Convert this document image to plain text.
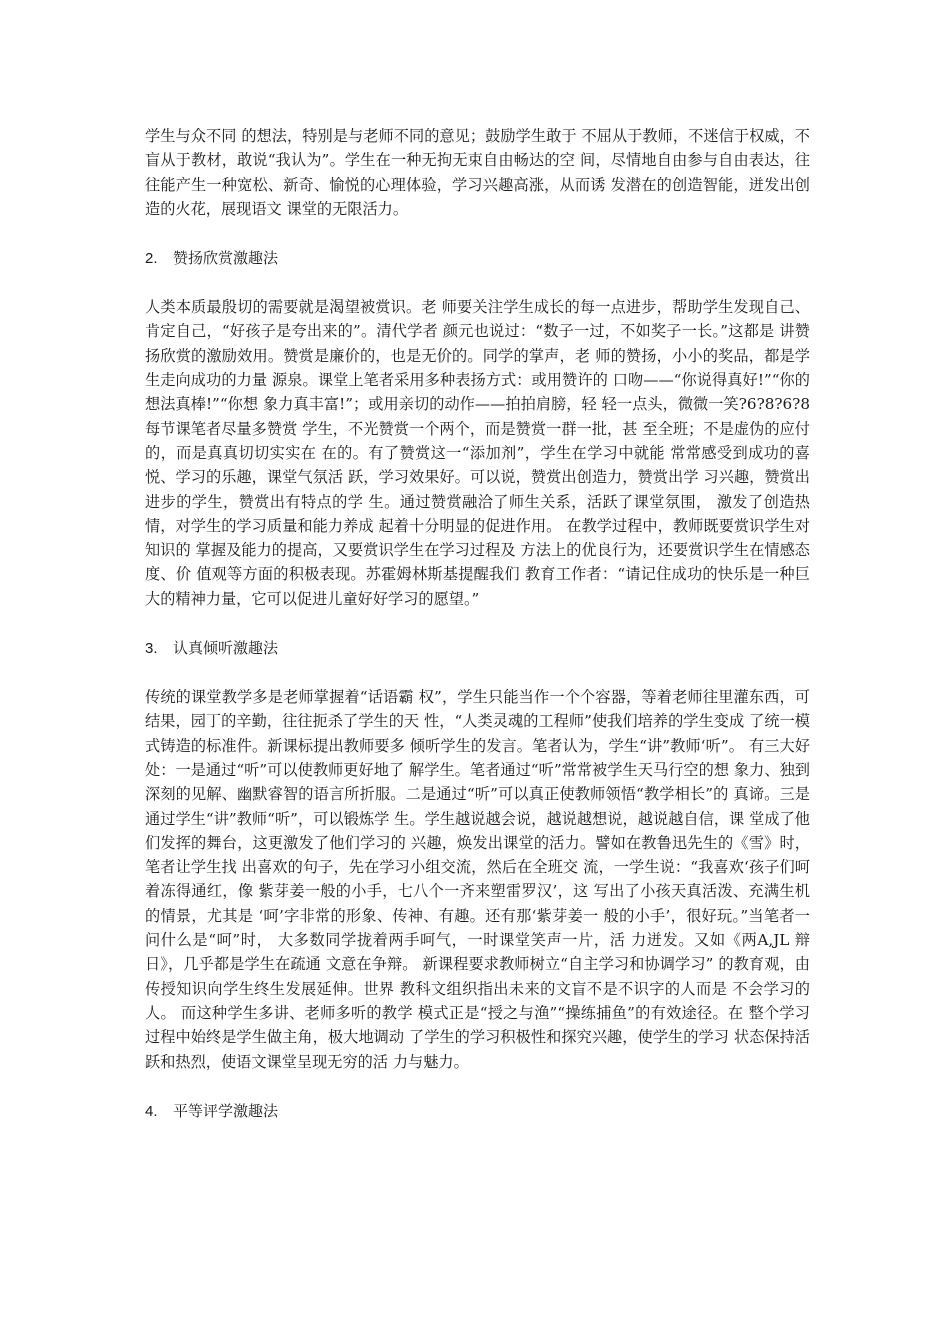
学生与众不同 的想法，特别是与老师不同的意见；鼓励学生敢于 不屈从于教师，不迷信于权威，不盲从于教材，敢说“我认为”。学生在一种无拘无束自由畅达的空 间，尽情地自由参与自由表达，往往能产生一种宽松、新奇、愉悦的心理体验，学习兴趣高涨，从而诱 发潜在的创造智能，迸发出创造的火花，展现语文 课堂的无限活力。

2. 赞扬欣赏激趣法

人类本质最殷切的需要就是渴望被赏识。老 师要关注学生成长的每一点进步，帮助学生发现自己、肯定自己，“好孩子是夸出来的”。清代学者 颜元也说过：“数子一过，不如奖子一长。”这都是 讲赞扬欣赏的激励效用。赞赏是廉价的，也是无价的。同学的掌声，老 师的赞扬，小小的奖品，都是学生走向成功的力量 源泉。课堂上笔者采用多种表扬方式：或用赞许的 口吻——“你说得真好!”“你的想法真棒!”“你想 象力真丰富!”；或用亲切的动作——拍拍肩膀，轻 轻一点头，微微一笑?6?8?6?8 每节课笔者尽量多赞赏 学生，不光赞赏一个两个，而是赞赏一群一批，甚 至全班；不是虚伪的应付的，而是真真切切实实在 在的。有了赞赏这一“添加剂”，学生在学习中就能 常常感受到成功的喜悦、学习的乐趣，课堂气氛活 跃，学习效果好。可以说，赞赏出创造力，赞赏出学 习兴趣，赞赏出进步的学生，赞赏出有特点的学 生。通过赞赏融洽了师生关系，活跃了课堂氛围， 激发了创造热情，对学生的学习质量和能力养成 起着十分明显的促进作用。 在教学过程中，教师既要赏识学生对知识的 掌握及能力的提高，又要赏识学生在学习过程及 方法上的优良行为，还要赏识学生在情感态度、价 值观等方面的积极表现。苏霍姆林斯基提醒我们 教育工作者：“请记住成功的快乐是一种巨大的精神力量，它可以促进儿童好好学习的愿望。”

3. 认真倾听激趣法

传统的课堂教学多是老师掌握着“话语霸 权”，学生只能当作一个个容器，等着老师往里灌东西，可结果，园丁的辛勤，往往扼杀了学生的天 性，“人类灵魂的工程师”使我们培养的学生变成 了统一模式铸造的标准件。新课标提出教师要多 倾听学生的发言。笔者认为，学生“讲”教师‘听”。 有三大好处：一是通过“听”可以使教师更好地了 解学生。笔者通过“听”常常被学生天马行空的想 象力、独到深刻的见解、幽默睿智的语言所折服。二是通过“听”可以真正使教师领悟“教学相长”的 真谛。三是通过学生“讲”教师“听”，可以锻炼学 生。学生越说越会说，越说越想说，越说越自信，课 堂成了他们发挥的舞台，这更激发了他们学习的 兴趣，焕发出课堂的活力。譬如在教鲁迅先生的《雪》时，笔者让学生找 出喜欢的句子，先在学习小组交流，然后在全班交 流，一学生说：“我喜欢‘孩子们呵着冻得通红，像 紫芽姜一般的小手，七八个一齐来塑雷罗汉’，这 写出了小孩天真活泼、充满生机的情景，尤其是 ‘呵’字非常的形象、传神、有趣。还有那‘紫芽姜一 般的小手’，很好玩。”当笔者一问什么是“呵”时， 大多数同学拢着两手呵气，一时课堂笑声一片，活 力迸发。又如《两A,JL 辩日》，几乎都是学生在疏通 文意在争辩。 新课程要求教师树立“自主学习和协调学习” 的教育观，由传授知识向学生终生发展延伸。世界 教科文组织指出未来的文盲不是不识字的人而是 不会学习的人。 而这种学生多讲、老师多听的教学 模式正是“授之与渔”“操练捕鱼”的有效途径。在 整个学习过程中始终是学生做主角，极大地调动 了学生的学习积极性和探究兴趣，使学生的学习 状态保持活跃和热烈，使语文课堂呈现无穷的活 力与魅力。

4. 平等评学激趣法
